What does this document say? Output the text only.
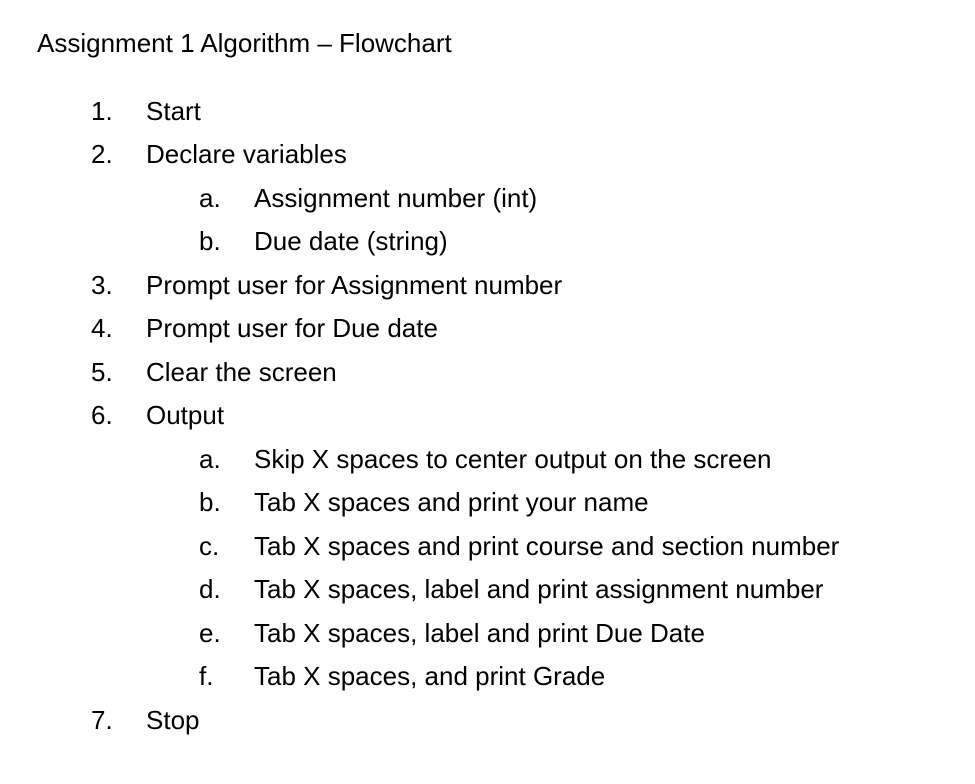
Assignment 1 Algorithm – Flowchart
1. Start
2. Declare variables
a. Assignment number (int)
b. Due date (string)
3. Prompt user for Assignment number
4. Prompt user for Due date
5. Clear the screen
6. Output
a. Skip X spaces to center output on the screen
b. Tab X spaces and print your name
c. Tab X spaces and print course and section number
d. Tab X spaces, label and print assignment number
e. Tab X spaces, label and print Due Date
f. Tab X spaces, and print Grade
7. Stop
